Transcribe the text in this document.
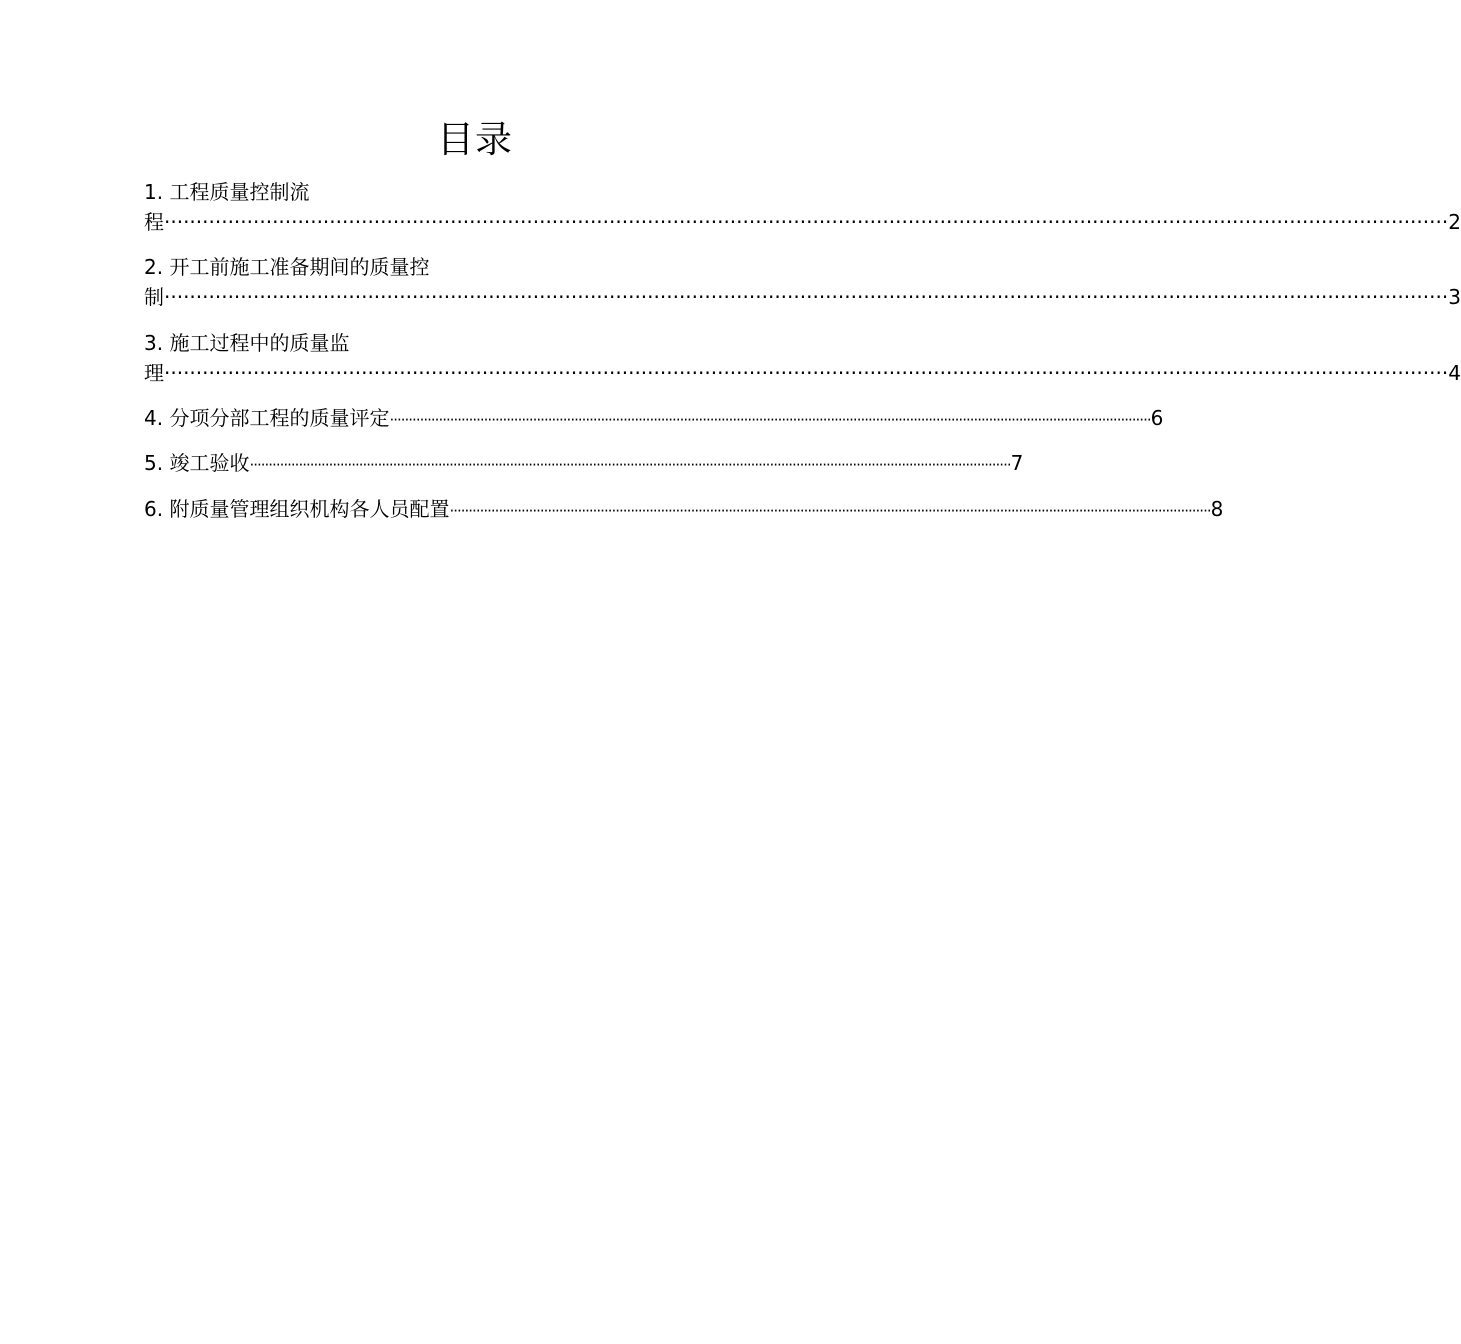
目录
1. 工程质量控制流
程 ·········································································································································································································· 2
2. 开工前施工准备期间的质量控
制 ·········································································································································································································· 3
3. 施工过程中的质量监
理 ·········································································································································································································· 4
4. 分项分部工程的质量评定 ·········································································································································································································· 6
5. 竣工验收 ·········································································································································································································· 7
6. 附质量管理组织机构各人员配置 ·········································································································································································································· 8
